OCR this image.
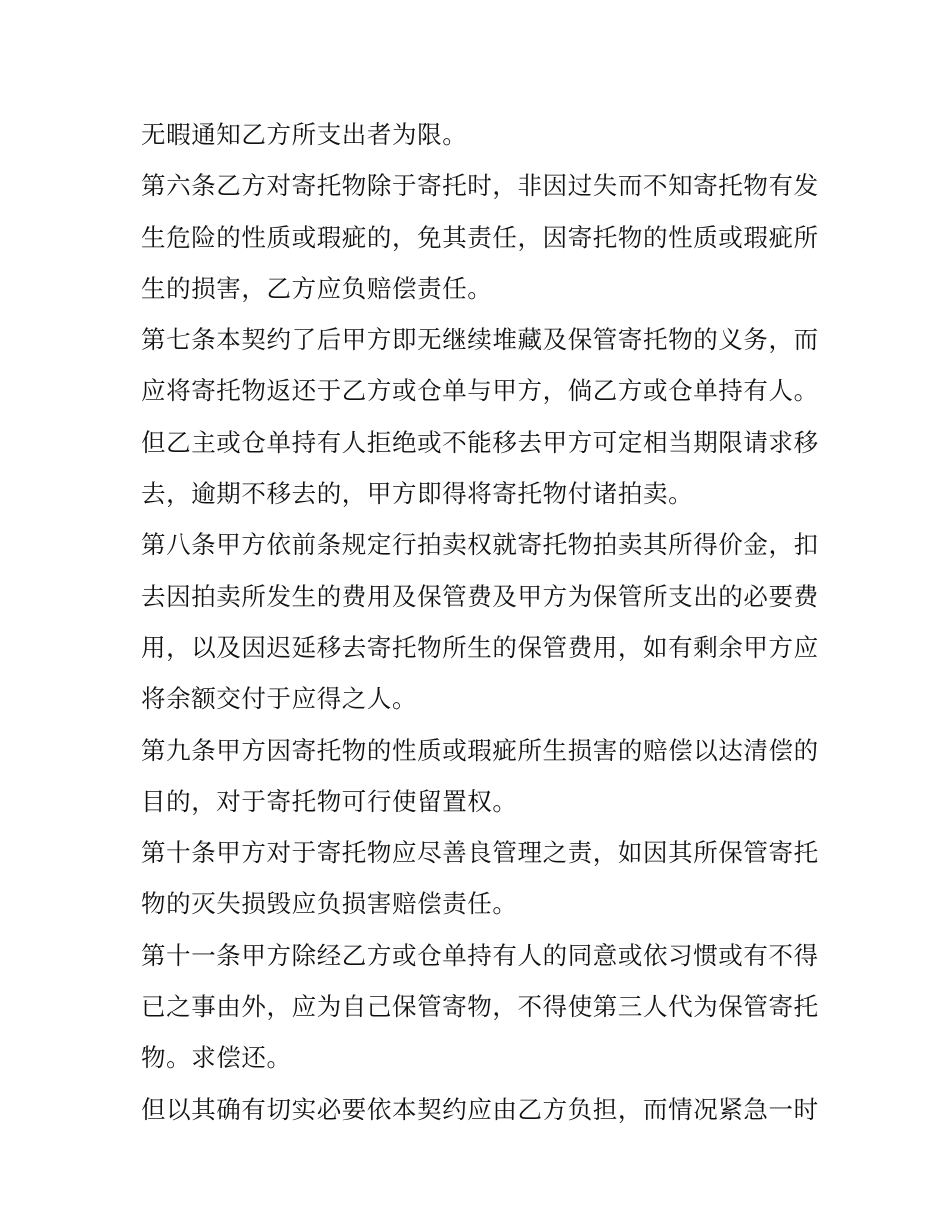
无暇通知乙方所支出者为限。
第六条乙方对寄托物除于寄托时，非因过失而不知寄托物有发
生危险的性质或瑕疵的，免其责任，因寄托物的性质或瑕疵所
生的损害，乙方应负赔偿责任。
第七条本契约了后甲方即无继续堆藏及保管寄托物的义务，而
应将寄托物返还于乙方或仓单与甲方，倘乙方或仓单持有人。
但乙主或仓单持有人拒绝或不能移去甲方可定相当期限请求移
去，逾期不移去的，甲方即得将寄托物付诸拍卖。
第八条甲方依前条规定行拍卖权就寄托物拍卖其所得价金，扣
去因拍卖所发生的费用及保管费及甲方为保管所支出的必要费
用，以及因迟延移去寄托物所生的保管费用，如有剩余甲方应
将余额交付于应得之人。
第九条甲方因寄托物的性质或瑕疵所生损害的赔偿以达清偿的
目的，对于寄托物可行使留置权。
第十条甲方对于寄托物应尽善良管理之责，如因其所保管寄托
物的灭失损毁应负损害赔偿责任。
第十一条甲方除经乙方或仓单持有人的同意或依习惯或有不得
已之事由外，应为自己保管寄物，不得使第三人代为保管寄托
物。求偿还。
但以其确有切实必要依本契约应由乙方负担，而情况紧急一时
